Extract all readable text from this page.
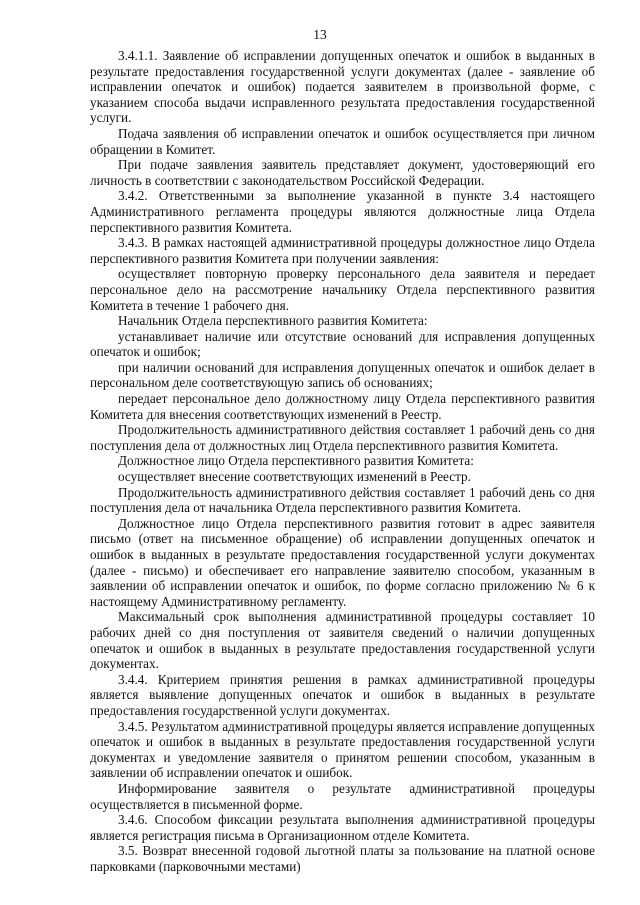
13

3.4.1.1. Заявление об исправлении допущенных опечаток и ошибок в выданных в результате предоставления государственной услуги документах (далее - заявление об исправлении опечаток и ошибок) подается заявителем в произвольной форме, с указанием способа выдачи исправленного результата предоставления государственной услуги.

Подача заявления об исправлении опечаток и ошибок осуществляется при личном обращении в Комитет.

При подаче заявления заявитель представляет документ, удостоверяющий его личность в соответствии с законодательством Российской Федерации.

3.4.2. Ответственными за выполнение указанной в пункте 3.4 настоящего Административного регламента процедуры являются должностные лица Отдела перспективного развития Комитета.

3.4.3. В рамках настоящей административной процедуры должностное лицо Отдела перспективного развития Комитета при получении заявления:

осуществляет повторную проверку персонального дела заявителя и передает персональное дело на рассмотрение начальнику Отдела перспективного развития Комитета в течение 1 рабочего дня.

Начальник Отдела перспективного развития Комитета:

устанавливает наличие или отсутствие оснований для исправления допущенных опечаток и ошибок;

при наличии оснований для исправления допущенных опечаток и ошибок делает в персональном деле соответствующую запись об основаниях;

передает персональное дело должностному лицу Отдела перспективного развития Комитета для внесения соответствующих изменений в Реестр.

Продолжительность административного действия составляет 1 рабочий день со дня поступления дела от должностных лиц Отдела перспективного развития Комитета.

Должностное лицо Отдела перспективного развития Комитета:

осуществляет внесение соответствующих изменений в Реестр.

Продолжительность административного действия составляет 1 рабочий день со дня поступления дела от начальника Отдела перспективного развития Комитета.

Должностное лицо Отдела перспективного развития готовит в адрес заявителя письмо (ответ на письменное обращение) об исправлении допущенных опечаток и ошибок в выданных в результате предоставления государственной услуги документах (далее - письмо) и обеспечивает его направление заявителю способом, указанным в заявлении об исправлении опечаток и ошибок, по форме согласно приложению № 6 к настоящему Административному регламенту.

Максимальный срок выполнения административной процедуры составляет 10 рабочих дней со дня поступления от заявителя сведений о наличии допущенных опечаток и ошибок в выданных в результате предоставления государственной услуги документах.

3.4.4. Критерием принятия решения в рамках административной процедуры является выявление допущенных опечаток и ошибок в выданных в результате предоставления государственной услуги документах.

3.4.5. Результатом административной процедуры является исправление допущенных опечаток и ошибок в выданных в результате предоставления государственной услуги документах и уведомление заявителя о принятом решении способом, указанным в заявлении об исправлении опечаток и ошибок.

Информирование заявителя о результате административной процедуры осуществляется в письменной форме.

3.4.6. Способом фиксации результата выполнения административной процедуры является регистрация письма в Организационном отделе Комитета.

3.5. Возврат внесенной годовой льготной платы за пользование на платной основе парковками (парковочными местами)
